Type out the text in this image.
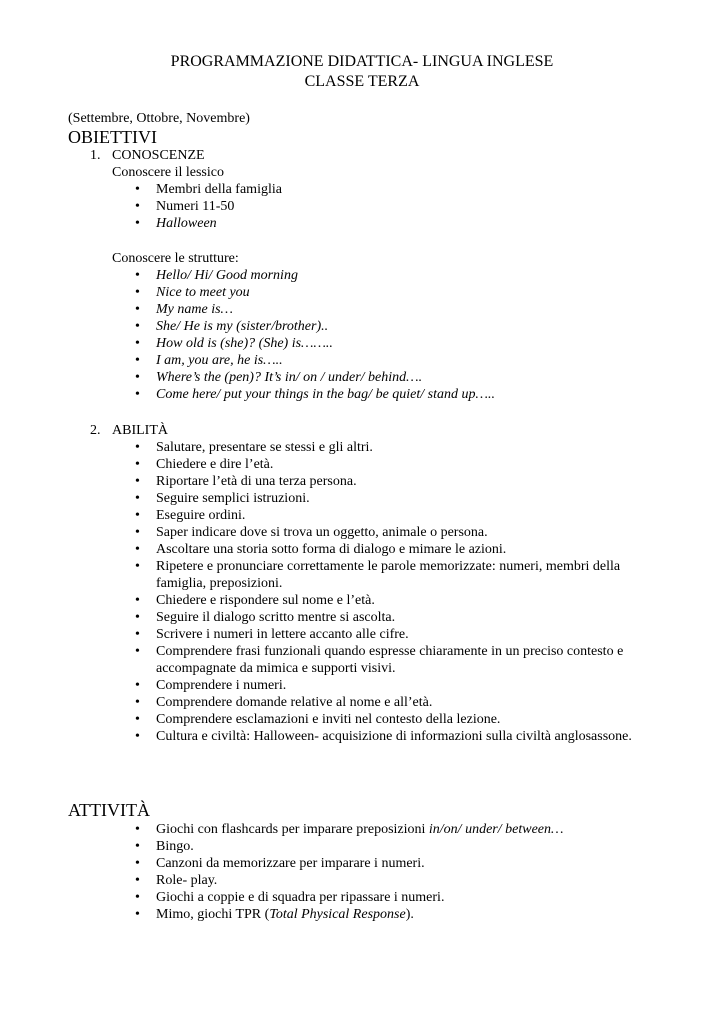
PROGRAMMAZIONE DIDATTICA- LINGUA INGLESE
CLASSE TERZA
(Settembre, Ottobre, Novembre)
OBIETTIVI
1. CONOSCENZE
Conoscere il lessico
• Membri della famiglia
• Numeri 11-50
• Halloween
Conoscere le strutture:
• Hello/ Hi/ Good morning
• Nice to meet you
• My name is…
• She/ He is my (sister/brother)..
• How old is (she)? (She) is……..
• I am, you are, he is…..
• Where’s the (pen)? It’s in/ on / under/ behind….
• Come here/ put your things in the bag/ be quiet/ stand up…..
2. ABILITÀ
• Salutare, presentare se stessi e gli altri.
• Chiedere e dire l’età.
• Riportare l’età di una terza persona.
• Seguire semplici istruzioni.
• Eseguire ordini.
• Saper indicare dove si trova un oggetto, animale o persona.
• Ascoltare una storia sotto forma di dialogo e mimare le azioni.
• Ripetere e pronunciare correttamente le parole memorizzate: numeri, membri della
famiglia, preposizioni.
• Chiedere e rispondere sul nome e l’età.
• Seguire il dialogo scritto mentre si ascolta.
• Scrivere i numeri in lettere accanto alle cifre.
• Comprendere frasi funzionali quando espresse chiaramente in un preciso contesto e
accompagnate da mimica e supporti visivi.
• Comprendere i numeri.
• Comprendere domande relative al nome e all’età.
• Comprendere esclamazioni e inviti nel contesto della lezione.
• Cultura e civiltà: Halloween- acquisizione di informazioni sulla civiltà anglosassone.
ATTIVITÀ
• Giochi con flashcards per imparare preposizioni in/on/ under/ between…
• Bingo.
• Canzoni da memorizzare per imparare i numeri.
• Role- play.
• Giochi a coppie e di squadra per ripassare i numeri.
• Mimo, giochi TPR (Total Physical Response).
